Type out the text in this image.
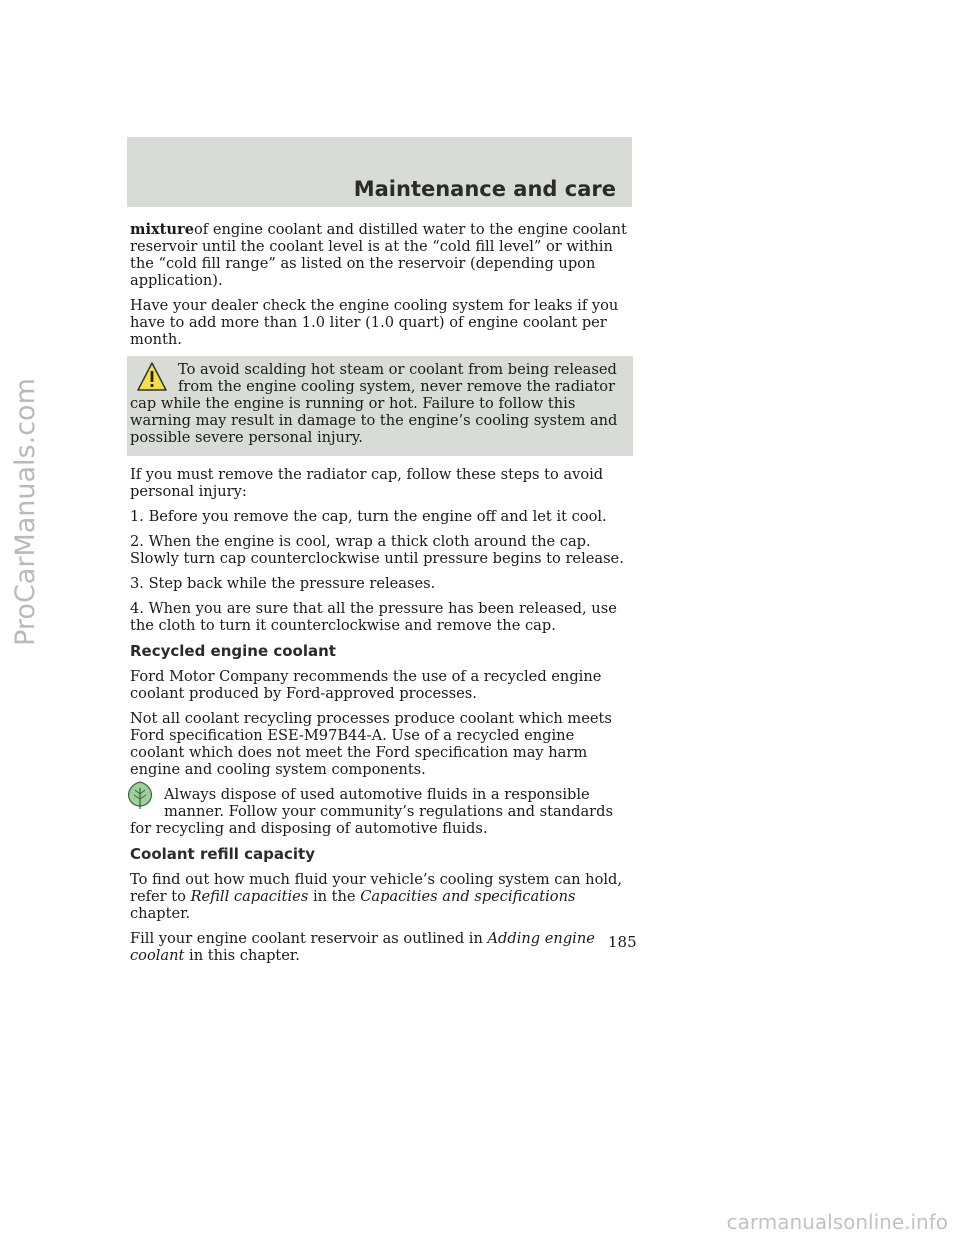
Maintenance and care

mixtureof engine coolant and distilled water to the engine coolant reservoir until the coolant level is at the “cold fill level” or within the “cold fill range” as listed on the reservoir (depending upon application).

Have your dealer check the engine cooling system for leaks if you have to add more than 1.0 liter (1.0 quart) of engine coolant per month.

To avoid scalding hot steam or coolant from being released from the engine cooling system, never remove the radiator cap while the engine is running or hot. Failure to follow this warning may result in damage to the engine’s cooling system and possible severe personal injury.

If you must remove the radiator cap, follow these steps to avoid personal injury:

1. Before you remove the cap, turn the engine off and let it cool.

2. When the engine is cool, wrap a thick cloth around the cap. Slowly turn cap counterclockwise until pressure begins to release.

3. Step back while the pressure releases.

4. When you are sure that all the pressure has been released, use the cloth to turn it counterclockwise and remove the cap.

Recycled engine coolant

Ford Motor Company recommends the use of a recycled engine coolant produced by Ford-approved processes.

Not all coolant recycling processes produce coolant which meets Ford specification ESE-M97B44-A. Use of a recycled engine coolant which does not meet the Ford specification may harm engine and cooling system components.

Always dispose of used automotive fluids in a responsible manner. Follow your community’s regulations and standards for recycling and disposing of automotive fluids.

Coolant refill capacity

To find out how much fluid your vehicle’s cooling system can hold, refer to Refill capacities in the Capacities and specifications chapter.

Fill your engine coolant reservoir as outlined in Adding engine coolant in this chapter.

185
ProCarManuals.com
carmanualsonline.info
